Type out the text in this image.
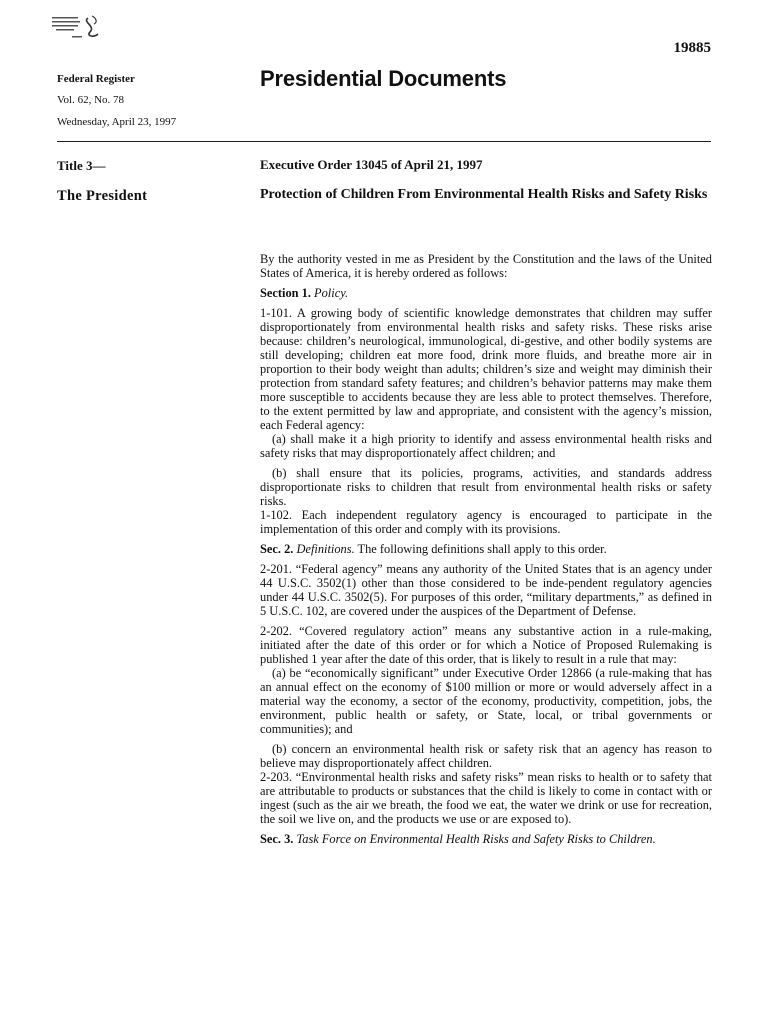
19885
Federal Register
Vol. 62, No. 78
Wednesday, April 23, 1997
Presidential Documents
Title 3—
The President
Executive Order 13045 of April 21, 1997
Protection of Children From Environmental Health Risks and Safety Risks

By the authority vested in me as President by the Constitution and the laws of the United States of America, it is hereby ordered as follows:

Section 1. Policy.

1-101. A growing body of scientific knowledge demonstrates that children may suffer disproportionately from environmental health risks and safety risks. These risks arise because: children’s neurological, immunological, di-gestive, and other bodily systems are still developing; children eat more food, drink more fluids, and breathe more air in proportion to their body weight than adults; children’s size and weight may diminish their protection from standard safety features; and children’s behavior patterns may make them more susceptible to accidents because they are less able to protect themselves. Therefore, to the extent permitted by law and appropriate, and consistent with the agency’s mission, each Federal agency:

(a) shall make it a high priority to identify and assess environmental health risks and safety risks that may disproportionately affect children; and

(b) shall ensure that its policies, programs, activities, and standards address disproportionate risks to children that result from environmental health risks or safety risks.

1-102. Each independent regulatory agency is encouraged to participate in the implementation of this order and comply with its provisions.

Sec. 2. Definitions. The following definitions shall apply to this order.

2-201. “Federal agency” means any authority of the United States that is an agency under 44 U.S.C. 3502(1) other than those considered to be inde-pendent regulatory agencies under 44 U.S.C. 3502(5). For purposes of this order, “military departments,” as defined in 5 U.S.C. 102, are covered under the auspices of the Department of Defense.

2-202. “Covered regulatory action” means any substantive action in a rule-making, initiated after the date of this order or for which a Notice of Proposed Rulemaking is published 1 year after the date of this order, that is likely to result in a rule that may:

(a) be “economically significant” under Executive Order 12866 (a rule-making that has an annual effect on the economy of $100 million or more or would adversely affect in a material way the economy, a sector of the economy, productivity, competition, jobs, the environment, public health or safety, or State, local, or tribal governments or communities); and

(b) concern an environmental health risk or safety risk that an agency has reason to believe may disproportionately affect children.

2-203. “Environmental health risks and safety risks” mean risks to health or to safety that are attributable to products or substances that the child is likely to come in contact with or ingest (such as the air we breath, the food we eat, the water we drink or use for recreation, the soil we live on, and the products we use or are exposed to).

Sec. 3. Task Force on Environmental Health Risks and Safety Risks to Children.
